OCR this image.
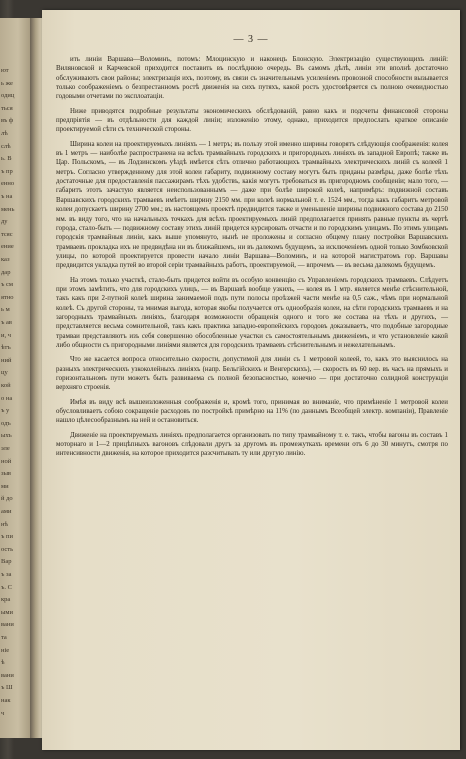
ют
ь же
одиц
ться
въ ф
лѣ
слѣ
ь. В
ъ пр
енно
ъ на
мень
ду
тсяс
ение
каз
дар
ъ см
ятно
ь м
ъ ав
и, ч
ѣтъ
ний
цу
кой
о на
ъ у
одъ
ыхъ
эле
ной
зыв
ми
й до
ами
нѣ
ъ пи
ость
Вар
ъ за
ъ. С
кра
ыми
вани
та
ніе
ѣ
вани
ъ Ш
нак
ч
— 3 —

ить линіи Варшава—Воломинъ, потомъ: Млоцинскую и наконецъ Блонскую. Электризацію существующихъ линій: Виляновской и Карчевской приходится поставить въ послѣднюю очередь. Въ самомъ дѣлѣ, линіи эти вполнѣ достаточно обслуживаютъ свои районы; электризація ихъ, поэтому, въ связи съ значительнымъ усиленіемъ провозной способности вызывается только соображеніемъ о безпрестанномъ ростѣ движенія на сихъ путяхъ, какой ростъ удостовѣряется съ полною очевидностью годовыми отчетами по эксплоатаціи.

Ниже приводятся подробные результаты экономическихъ обслѣдованій, равно какъ и подсчеты финансовой стороны предпріятія — въ отдѣльности для каждой линіи; изложенію этому, однако, приходится предпослать краткое описаніе проектируемой сѣти съ технической стороны.

Ширина колеи на проектируемыхъ линіяхъ — 1 метръ; въ пользу этой именно ширины говорятъ слѣдующія соображенія: колея въ 1 метръ — наиболѣе распространена на всѣхъ трамвайныхъ городскихъ и пригородныхъ линіяхъ въ западной Европѣ; также въ Цар. Польскомъ, — въ Лодзинскомъ уѣздѣ имѣется сѣть отлично работающихъ трамвайныхъ электрическихъ линій съ колеей 1 метръ. Согласно утвержденному для этой колеи габариту, подвижному составу могутъ быть приданы размѣры, даже болѣе тѣхъ достаточные для предоставленія пассажирамъ тѣхъ удобствъ, какія могутъ требоваться въ пригородномъ сообщеніи; мало того, — габаритъ этотъ зачастую является неиспользованнымъ — даже при болѣе широкой колеѣ, напримѣръ: подвижной составъ Варшавскихъ городскихъ трамваевъ имѣетъ ширину 2150 мм. при колеѣ нормальной т. е. 1524 мм., тогда какъ габаритъ метровой колеи допускаетъ ширину 2700 мм.; въ настоящемъ проектѣ предвидится также и уменьшеніе ширины подвижного состава до 2150 мм. въ виду того, что на начальныхъ точкахъ для всѣхъ проектируемыхъ линій предполагается принять равные пункты въ чертѣ города, стало-быть — подвижному составу этихъ линій придется курсировать отчасти и по городскимъ улицамъ. По этимъ улицамъ городскія трамвайныя линіи, какъ выше упомянуто, нынѣ не проложены и согласно общему плану постройки Варшавскихъ трамваевъ прокладка ихъ не предвидѣна ни въ ближайшемъ, ни въ далекомъ будущемъ, за исключеніемъ одной только Зомбковской улицы, по которой проектируется провести начало линіи Варшава—Воломинъ, и на которой магистратомъ гор. Варшавы предвидится укладка путей во второй серіи трамвайныхъ работъ, проектируемой, — впрочемъ — въ весьма далекомъ будущемъ.

На этомъ только участкѣ, стало-быть придется войти въ особую конвенцію съ Управленіемъ городскихъ трамваевъ. Слѣдуетъ при этомъ замѣтить, что для городскихъ улицъ, — въ Варшавѣ вообще узкихъ, — колея въ 1 мтр. является менѣе стѣснительной, такъ какъ при 2-путной колеѣ ширина занимаемой подъ пути полосы проѣзжей части менѣе на 0,5 саж., чѣмъ при нормальной колеѣ. Съ другой стороны, та мнимая выгода, которая якобы получается отъ однообразія колеи, на сѣти городскихъ трамваевъ и на загородныхъ трамвайныхъ линіяхъ, благодаря возможности обращенія одного и того же состава на тѣхъ и другихъ, — представляется весьма сомнительной, такъ какъ практика западно-европейскихъ городовъ доказываетъ, что подобные загородные трамваи представляютъ изъ себя совершенно обособленные участки съ самостоятельнымъ движеніемъ, и что установленіе какой либо общности съ пригородными линіями является для городскихъ трамваевъ стѣснительнымъ и нежелательнымъ.

Что же касается вопроса относительно скорости, допустимой для линіи съ 1 метровой колеей, то, какъ это выяснилось на разныхъ электрическихъ узкоколейныхъ линіяхъ (напр. Бельгійскихъ и Венгерскихъ), — скорость въ 60 вер. въ часъ на прямыхъ и горизонтальномъ пути можетъ быть развиваема съ полной безопасностью, конечно — при достаточно солидной конструкціи верхняго строенія.

Имѣя въ виду всѣ вышеизложенныя соображенія и, кромѣ того, принимая во вниманіе, что примѣненіе 1 метровой колеи обусловливаетъ собою сокращеніе расходовъ по постройкѣ примѣрно на 11% (по даннымъ Всеобщей электр. компаніи), Правленіе нашло цѣлесообразнымъ на ней и остановиться.

Движеніе на проектируемыхъ линіяхъ предполагается организовать по типу трамвайному т. е. такъ, чтобы вагоны въ составъ 1 моторнаго и 1—2 прицѣпныхъ вагоновъ слѣдовали другъ за другомъ въ промежуткахъ времени отъ 6 до 30 минутъ, смотря по интенсивности движенія, на которое приходится разсчитывать ту или другую линію.
